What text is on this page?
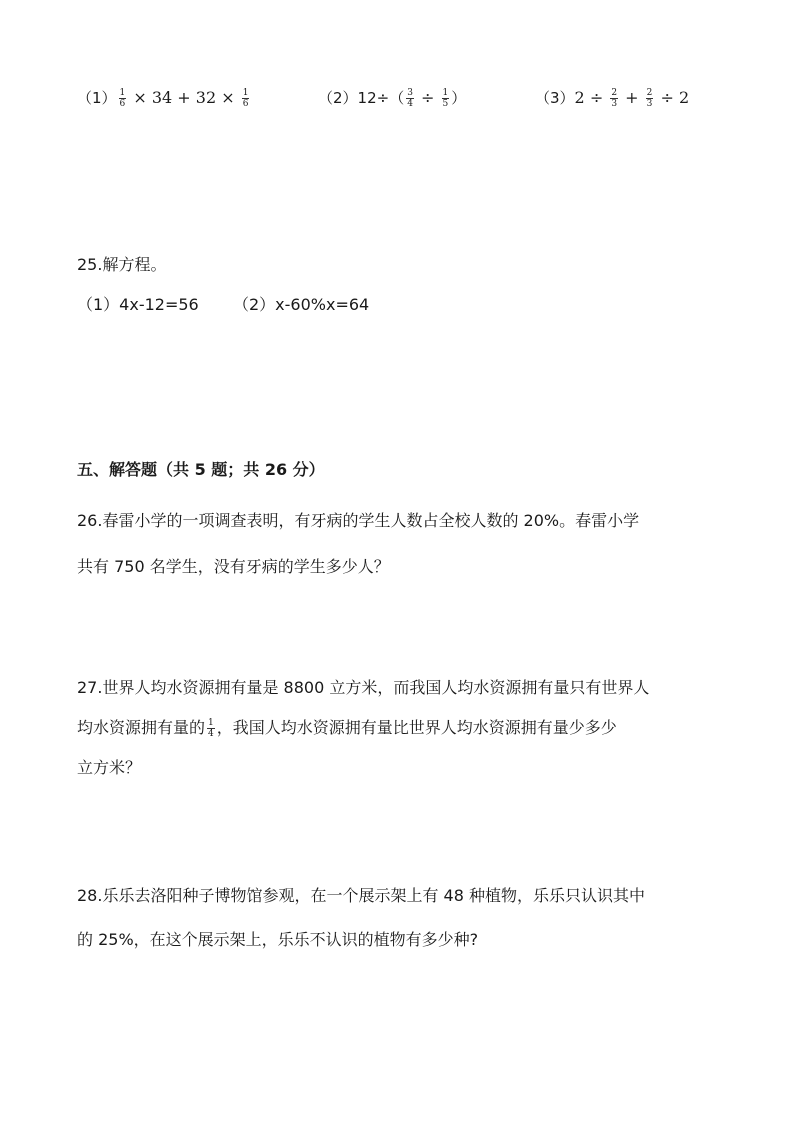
$(1) \frac{1}{6} \times 34 + 32 \times \frac{1}{6}$	$(2)12\div( \frac{3}{4} \div \frac{1}{5}$ ）	$(3)2 \div \frac{2}{3} + \frac{2}{3} \div 2$
25.解方程。
（1）4x-12=56 （2）x-60%x=64
五、解答题（共 5 题；共 26 分）
26.春雷小学的一项调查表明，有牙病的学生人数占全校人数的 20%。春雷小学
共有 750 名学生，没有牙病的学生多少人？
27.世界人均水资源拥有量是 8800 立方米，而我国人均水资源拥有量只有世界人
均水资源拥有量的 $\frac{1}{4}$ ，我国人均水资源拥有量比世界人均水资源拥有量少多少
立方米？
28.乐乐去洛阳种子博物馆参观，在一个展示架上有 48 种植物，乐乐只认识其中
的 25%，在这个展示架上，乐乐不认识的植物有多少种?
